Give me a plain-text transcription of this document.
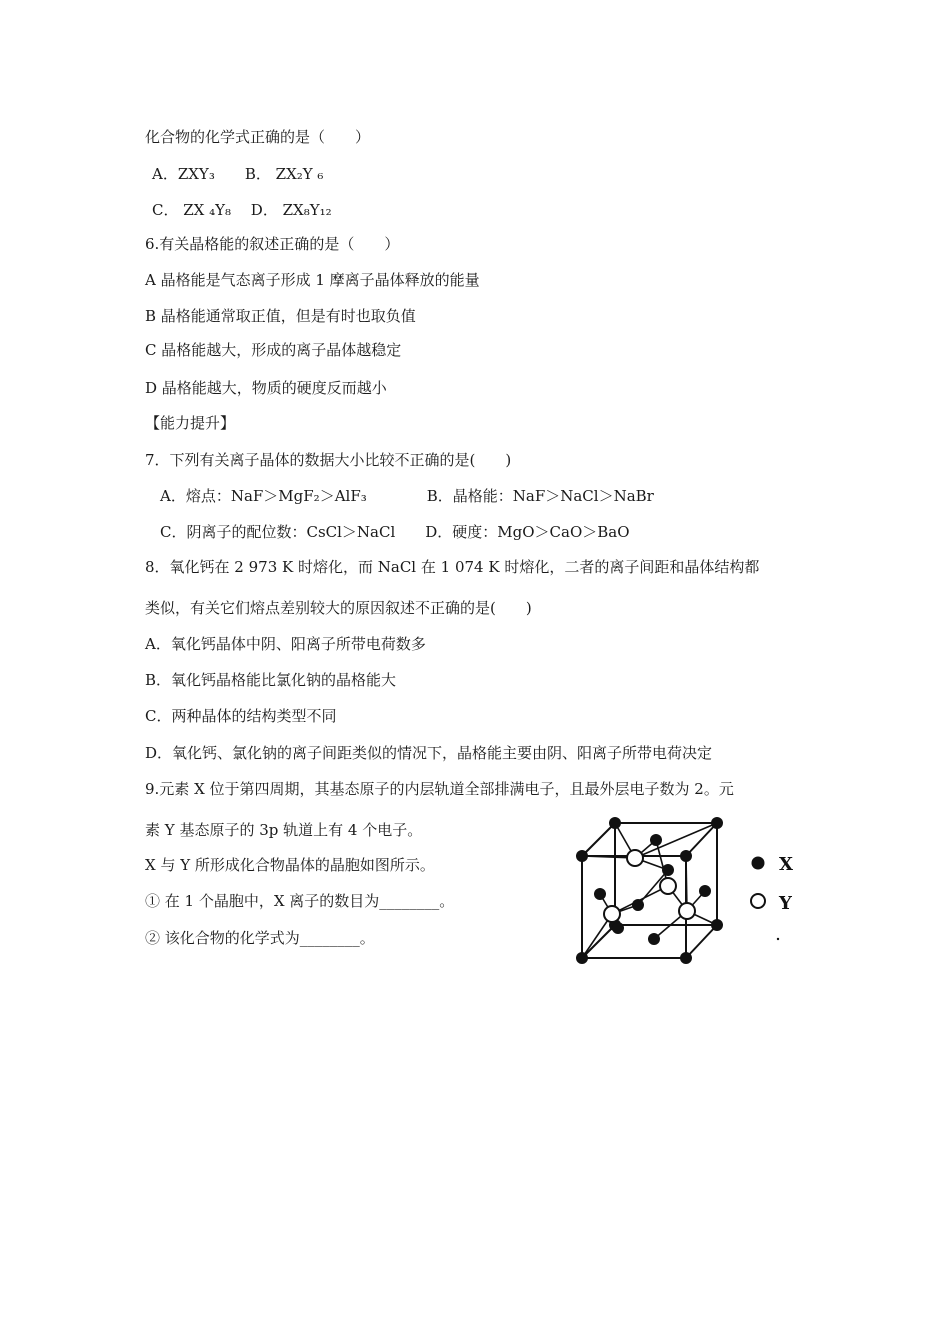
化合物的化学式正确的是（　　）
A．ZXY₃　　B． ZX₂Y ₆
C． ZX ₄Y₈　 D． ZX₈Y₁₂
6.有关晶格能的叙述正确的是（　　）
A 晶格能是气态离子形成 1 摩离子晶体释放的能量
B 晶格能通常取正值，但是有时也取负值
C 晶格能越大，形成的离子晶体越稳定
D 晶格能越大，物质的硬度反而越小
【能力提升】
7．下列有关离子晶体的数据大小比较不正确的是(　　)
A．熔点：NaF＞MgF₂＞AlF₃　　　　B．晶格能：NaF＞NaCl＞NaBr
C．阴离子的配位数：CsCl＞NaCl　　D．硬度：MgO＞CaO＞BaO
8．氧化钙在 2 973 K 时熔化，而 NaCl 在 1 074 K 时熔化，二者的离子间距和晶体结构都
类似，有关它们熔点差别较大的原因叙述不正确的是(　　)
A．氧化钙晶体中阴、阳离子所带电荷数多
B．氧化钙晶格能比氯化钠的晶格能大
C．两种晶体的结构类型不同
D．氧化钙、氯化钠的离子间距类似的情况下，晶格能主要由阴、阳离子所带电荷决定
9.元素 X 位于第四周期，其基态原子的内层轨道全部排满电子，且最外层电子数为 2。元
素 Y 基态原子的 3p 轨道上有 4 个电子。
X 与 Y 所形成化合物晶体的晶胞如图所示。
① 在 1 个晶胞中，X 离子的数目为________。
② 该化合物的化学式为________。
X
Y
